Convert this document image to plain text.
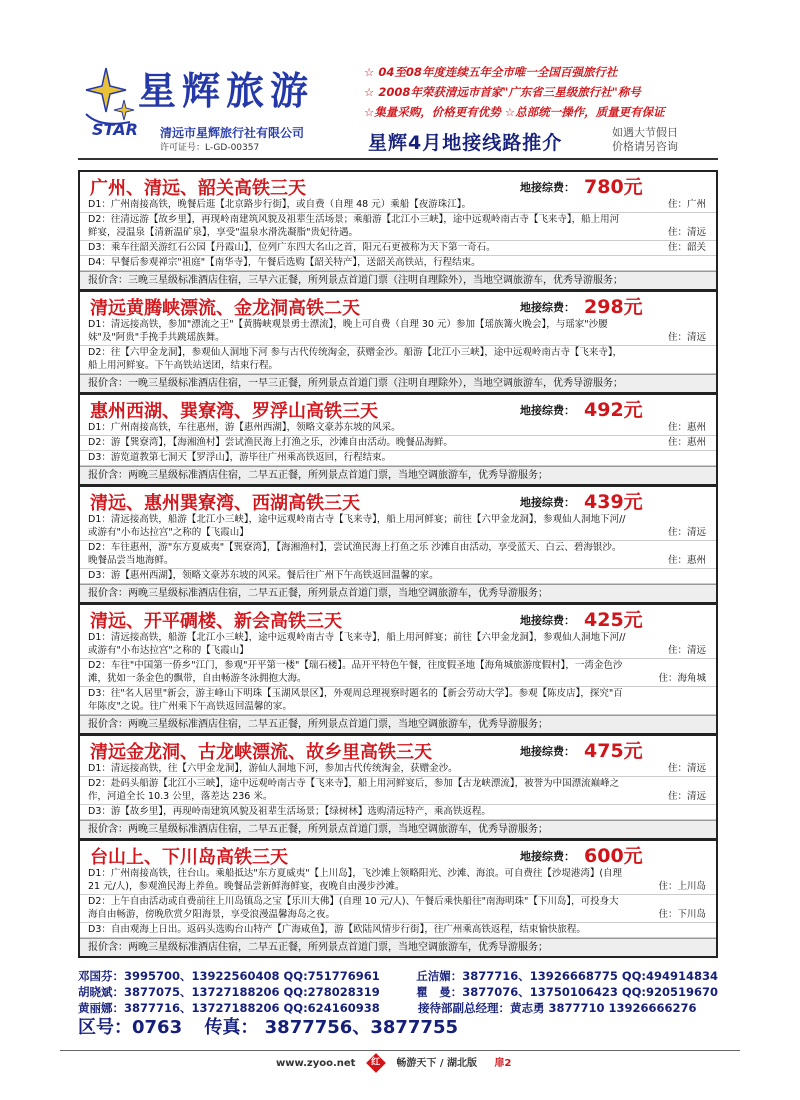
星辉旅游
STAR 清远市星辉旅行社有限公司
许可证号：L-GD-00357
☆ 04至08年度连续五年全市唯一全国百强旅行社
☆ 2008年荣获清远市首家"广东省三星级旅行社"称号
☆集量采购，价格更有优势 ☆总部统一操作，质量更有保证
星辉4月地接线路推介	如遇大节假日
价格请另咨询
广州、清远、韶关高铁三天	地接综费： 780元
D1：广州南接高铁，晚餐后逛【北京路步行街】，或自费（自理 48 元）乘船【夜游珠江】。	住：广州
D2：往清远游【故乡里】，再现岭南建筑风貌及祖辈生活场景；乘船游【北江小三峡】，途中远观岭南古寺【飞来寺】，船上用河鲜宴，浸温泉【清新温矿泉】，享受"温泉水滑洗凝脂"贵妃待遇。	住：清远
D3：乘车往韶关游红石公园【丹霞山】，位列广东四大名山之首，阳元石更被称为天下第一奇石。	住：韶关
D4：早餐后参观禅宗"祖庭"【南华寺】，午餐后选购【韶关特产】，送韶关高铁站，行程结束。
报价含：三晚三星级标准酒店住宿，三早六正餐，所列景点首道门票（注明自理除外），当地空调旅游车，优秀导游服务；
清远黄腾峡漂流、金龙洞高铁二天	地接综费： 298元
D1：清远接高铁，参加"漂流之王"【黄腾峡观景勇士漂流】，晚上可自费（自理 30 元）参加【瑶族篝火晚会】，与瑶家"沙腰妹"及"阿贵"手挽手共跳瑶族舞。	住：清远
D2：往【六甲金龙洞】，参观仙人洞地下河 参与古代传统淘金，获赠金沙。船游【北江小三峡】，途中远观岭南古寺【飞来寺】，船上用河鲜宴。下午高铁站送团，结束行程。
报价含：一晚三星级标准酒店住宿，一早三正餐，所列景点首道门票（注明自理除外），当地空调旅游车，优秀导游服务；
惠州西湖、巽寮湾、罗浮山高铁三天	地接综费： 492元
D1：广州南接高铁，车往惠州，游【惠州西湖】，领略文豪苏东坡的风采。	住：惠州
D2：游【巽寮湾】，【海湘渔村】尝试渔民海上打渔之乐，沙滩自由活动。晚餐品海鲜。	住：惠州
D3：游览道教第七洞天【罗浮山】，游毕往广州乘高铁返回，行程结束。
报价含：两晚三星级标准酒店住宿，二早五正餐，所列景点首道门票，当地空调旅游车，优秀导游服务；
清远、惠州巽寮湾、西湖高铁三天	地接综费： 439元
D1：清远接高铁，船游【北江小三峡】，途中远观岭南古寺【飞来寺】，船上用河鲜宴；前往【六甲金龙洞】，参观仙人洞地下河//或游有"小布达拉宫"之称的【飞霞山】	住：清远
D2：车往惠州，游"东方夏威夷"【巽寮湾】，【海湘渔村】，尝试渔民海上打鱼之乐 沙滩自由活动，享受蓝天、白云、碧海银沙。晚餐品尝当地海鲜。	住：惠州
D3：游【惠州西湖】，领略文豪苏东坡的风采。餐后往广州下午高铁返回温馨的家。
报价含：两晚三星级标准酒店住宿，二早五正餐，所列景点首道门票，当地空调旅游车，优秀导游服务；
清远、开平碉楼、新会高铁三天	地接综费： 425元
D1：清远接高铁，船游【北江小三峡】，途中远观岭南古寺【飞来寺】，船上用河鲜宴；前往【六甲金龙洞】，参观仙人洞地下河//或游有"小布达拉宫"之称的【飞霞山】	住：清远
D2：车往"中国第一侨乡"江门，参观"开平第一楼"【瑞石楼】。品开平特色午餐，往度假圣地【海角城旅游度假村】，一湾金色沙滩，犹如一条金色的飘带，自由畅游冬泳拥抱大海。	住：海角城
D3：往"名人居里"新会，游主峰山下明珠【玉湖风景区】，外观周总理视察时题名的【新会劳动大学】。参观【陈皮店】，探究"百年陈皮"之说。往广州乘下午高铁返回温馨的家。
报价含：两晚三星级标准酒店住宿，二早五正餐，所列景点首道门票，当地空调旅游车，优秀导游服务；
清远金龙洞、古龙峡漂流、故乡里高铁三天	地接综费： 475元
D1：清远接高铁，往【六甲金龙洞】，游仙人洞地下河，参加古代传统淘金，获赠金沙。	住：清远
D2：赴码头船游【北江小三峡】，途中远观岭南古寺【飞来寺】，船上用河鲜宴后，参加【古龙峡漂流】，被誉为中国漂流巅峰之作，河道全长 10.3 公里，落差达 236 米。	住：清远
D3：游【故乡里】，再现岭南建筑风貌及祖辈生活场景；【绿树林】选购清远特产，乘高铁返程。
报价含：两晚三星级标准酒店住宿，二早五正餐，所列景点首道门票，当地空调旅游车，优秀导游服务；
台山上、下川岛高铁三天	地接综费： 600元
D1：广州南接高铁，往台山。乘船抵达"东方夏威夷"【上川岛】，飞沙滩上领略阳光、沙滩、海浪。可自费往【沙堤港湾】(自理 21 元/人)，参观渔民海上养鱼。晚餐品尝新鲜海鲜宴，夜晚自由漫步沙滩。	住：上川岛
D2：上午自由活动或自费前往上川岛镇岛之宝【乐川大佛】(自理 10 元/人)、午餐后乘快船往"南海明珠"【下川岛】，可投身大海自由畅游，傍晚欣赏夕阳海景，享受浪漫温馨海岛之夜。	住：下川岛
D3：自由观海上日出。返码头选购台山特产【广海咸鱼】，游【欧陆风情步行街】，往广州乘高铁返程，结束愉快旅程。
报价含：两晚三星级标准酒店住宿，二早五正餐，所列景点首道门票，当地空调旅游车，优秀导游服务；
邓国芬：3995700、13922560408 QQ:751776961	丘洁媚：3877716、13926668775 QQ:494914834
胡晓斌：3877075、13727188206 QQ:278028319	瞿　曼：3877076、13750106423 QQ:920519670
黄丽娜：3877716、13727188206 QQ:624160938	接待部副总经理：黄志勇 3877710 13926666276
区号：0763 传真： 3877756、3877755
www.zyoo.net 红 畅游天下 / 湖北版 扉2
